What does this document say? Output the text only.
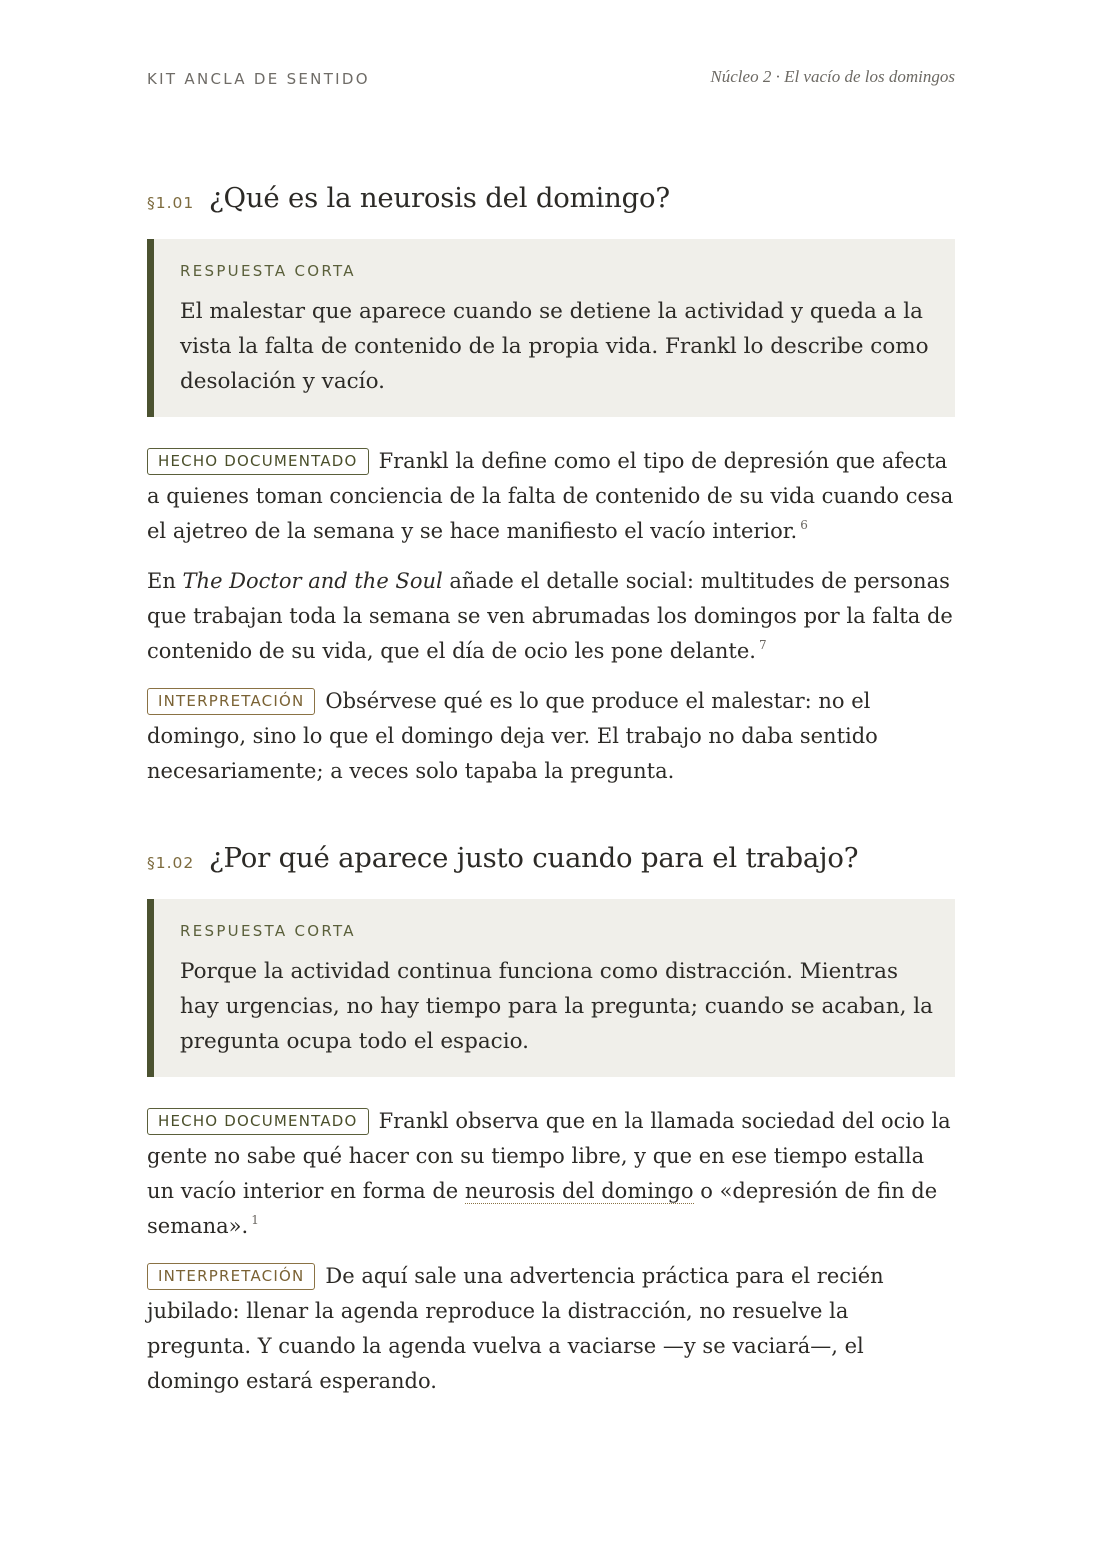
KIT ANCLA DE SENTIDO	Núcleo 2 · El vacío de los domingos
§1.01 ¿Qué es la neurosis del domingo?
RESPUESTA CORTA
El malestar que aparece cuando se detiene la actividad y queda a la vista la falta de contenido de la propia vida. Frankl lo describe como desolación y vacío.

HECHO DOCUMENTADO Frankl la define como el tipo de depresión que afecta a quienes toman conciencia de la falta de contenido de su vida cuando cesa el ajetreo de la semana y se hace manifiesto el vacío interior. $^6$

En The Doctor and the Soul añade el detalle social: multitudes de personas que trabajan toda la semana se ven abrumadas los domingos por la falta de contenido de su vida, que el día de ocio les pone delante. $^7$

INTERPRETACIÓN Obsérvese qué es lo que produce el malestar: no el domingo, sino lo que el domingo deja ver. El trabajo no daba sentido necesariamente; a veces solo tapaba la pregunta.

§1.02 ¿Por qué aparece justo cuando para el trabajo?
RESPUESTA CORTA
Porque la actividad continua funciona como distracción. Mientras hay urgencias, no hay tiempo para la pregunta; cuando se acaban, la pregunta ocupa todo el espacio.

HECHO DOCUMENTADO Frankl observa que en la llamada sociedad del ocio la gente no sabe qué hacer con su tiempo libre, y que en ese tiempo estalla un vacío interior en forma de neurosis del domingo o «depresión de fin de semana». $^1$

INTERPRETACIÓN De aquí sale una advertencia práctica para el recién jubilado: llenar la agenda reproduce la distracción, no resuelve la pregunta. Y cuando la agenda vuelva a vaciarse —y se vaciará—, el domingo estará esperando.
